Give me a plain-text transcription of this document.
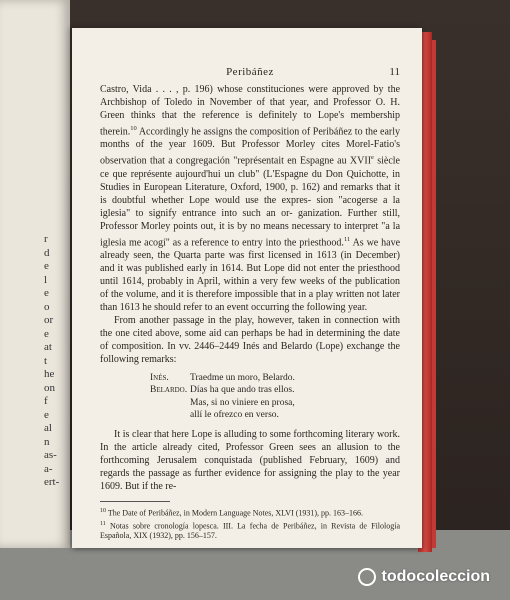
r
d
e
l
e
o
or
e
at
t
he
on
f
e
al
n
as-
a-
ert-
Peribáñez	11

Castro, Vida . . . , p. 196) whose constituciones were approved by the Archbishop of Toledo in November of that year, and Professor O. H. Green thinks that the reference is definitely to Lope's membership therein.$^{10}$ Accordingly he assigns the composition of Peribáñez to the early months of the year 1609. But Professor Morley cites Morel-Fatio's observation that a congregación "représentait en Espagne au XVIIe siècle ce que représente aujourd'hui un club" (L'Espagne du Don Quichotte, in Studies in European Literature, Oxford, 1900, p. 162) and remarks that it is doubtful whether Lope would use the expres- sion "acogerse a la iglesia" to signify entrance into such an or- ganization. Further still, Professor Morley points out, it is by no means necessary to interpret "a la iglesia me acogí" as a reference to entry into the priesthood.$^{11}$ As we have already seen, the Quarta parte was first licensed in 1613 (in December) and it was published early in 1614. But Lope did not enter the priesthood until 1614, probably in April, within a very few weeks of the publication of the volume, and it is therefore impossible that in a play written not later than 1613 he should refer to an event occurring the following year.

From another passage in the play, however, taken in connection with the one cited above, some aid can perhaps be had in determining the date of composition. In vv. 2446–2449 Inés and Belardo (Lope) exchange the following remarks:

Inés.	Traedme un moro, Belardo.
Belardo. Días ha que ando tras ellos.
Mas, si no viniere en prosa,
allí le ofrezco en verso.

It is clear that here Lope is alluding to some forthcoming literary work. In the article already cited, Professor Green sees an allusion to the forthcoming Jerusalem conquistada (published February, 1609) and regards the passage as further evidence for assigning the play to the year 1609. But if the re-

$^{10}$ The Date of Peribáñez, in Modern Language Notes, XLVI (1931), pp. 163–166.
$^{11}$ Notas sobre cronología lopesca. III. La fecha de Peribáñez, in Revista de Filología Española, XIX (1932), pp. 156–157.
todocoleccion
